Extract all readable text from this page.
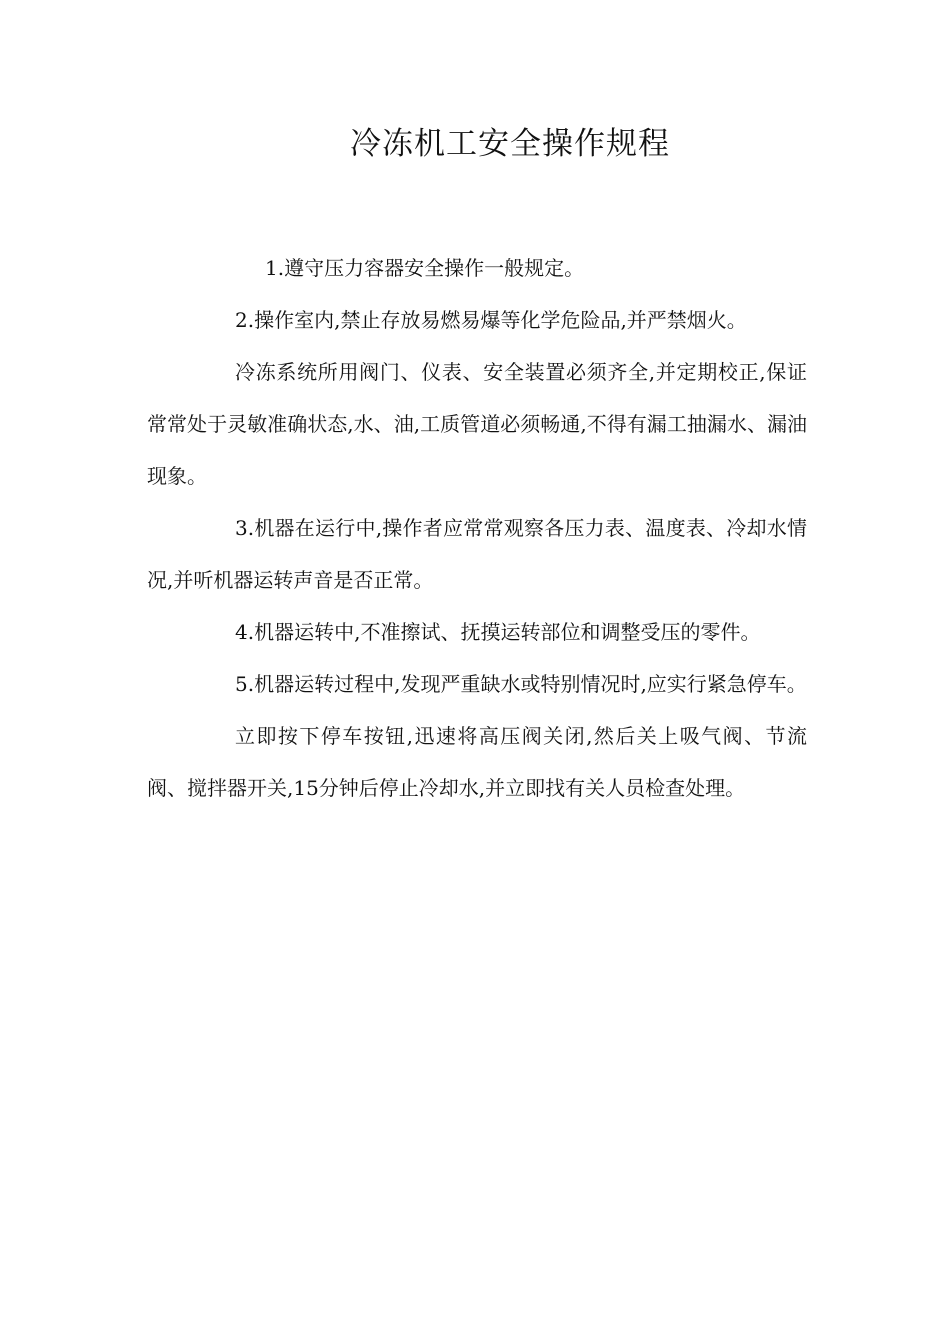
冷冻机工安全操作规程

1.遵守压力容器安全操作一般规定。

2.操作室内,禁止存放易燃易爆等化学危险品,并严禁烟火。

冷冻系统所用阀门、仪表、安全装置必须齐全,并定期校正,保证常常处于灵敏准确状态,水、油,工质管道必须畅通,不得有漏工抽漏水、漏油现象。

3.机器在运行中,操作者应常常观察各压力表、温度表、冷却水情况,并听机器运转声音是否正常。

4.机器运转中,不准擦试、抚摸运转部位和调整受压的零件。

5.机器运转过程中,发现严重缺水或特别情况时,应实行紧急停车。

立即按下停车按钮,迅速将高压阀关闭,然后关上吸气阀、节流阀、搅拌器开关,15分钟后停止冷却水,并立即找有关人员检查处理。
